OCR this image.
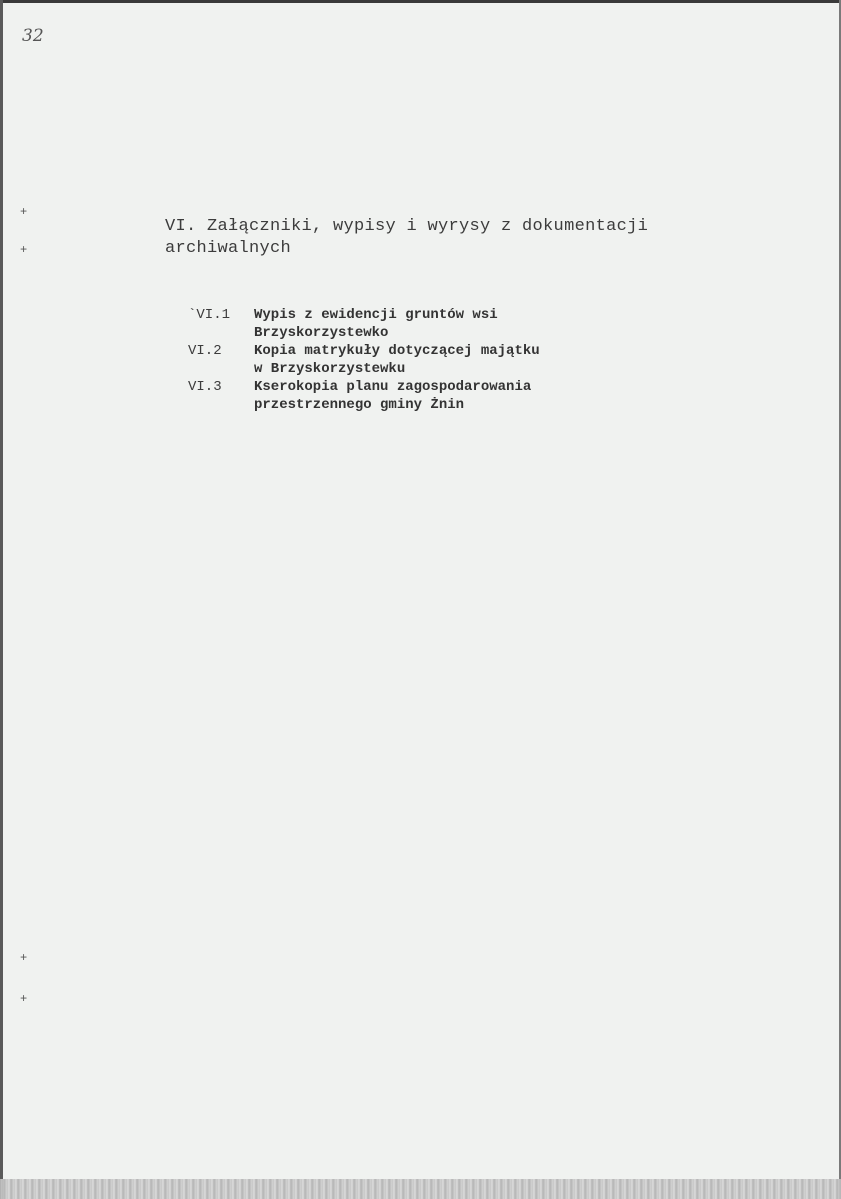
32
+
+
+
+
VI. Załączniki, wypisy i wyrysy z dokumentacji
archiwalnych
`VI.1	Wypis z ewidencji gruntów wsi
Brzyskorzystewko
VI.2	Kopia matrykuły dotyczącej majątku
w Brzyskorzystewku
VI.3	Kserokopia planu zagospodarowania
przestrzennego gminy Żnin
